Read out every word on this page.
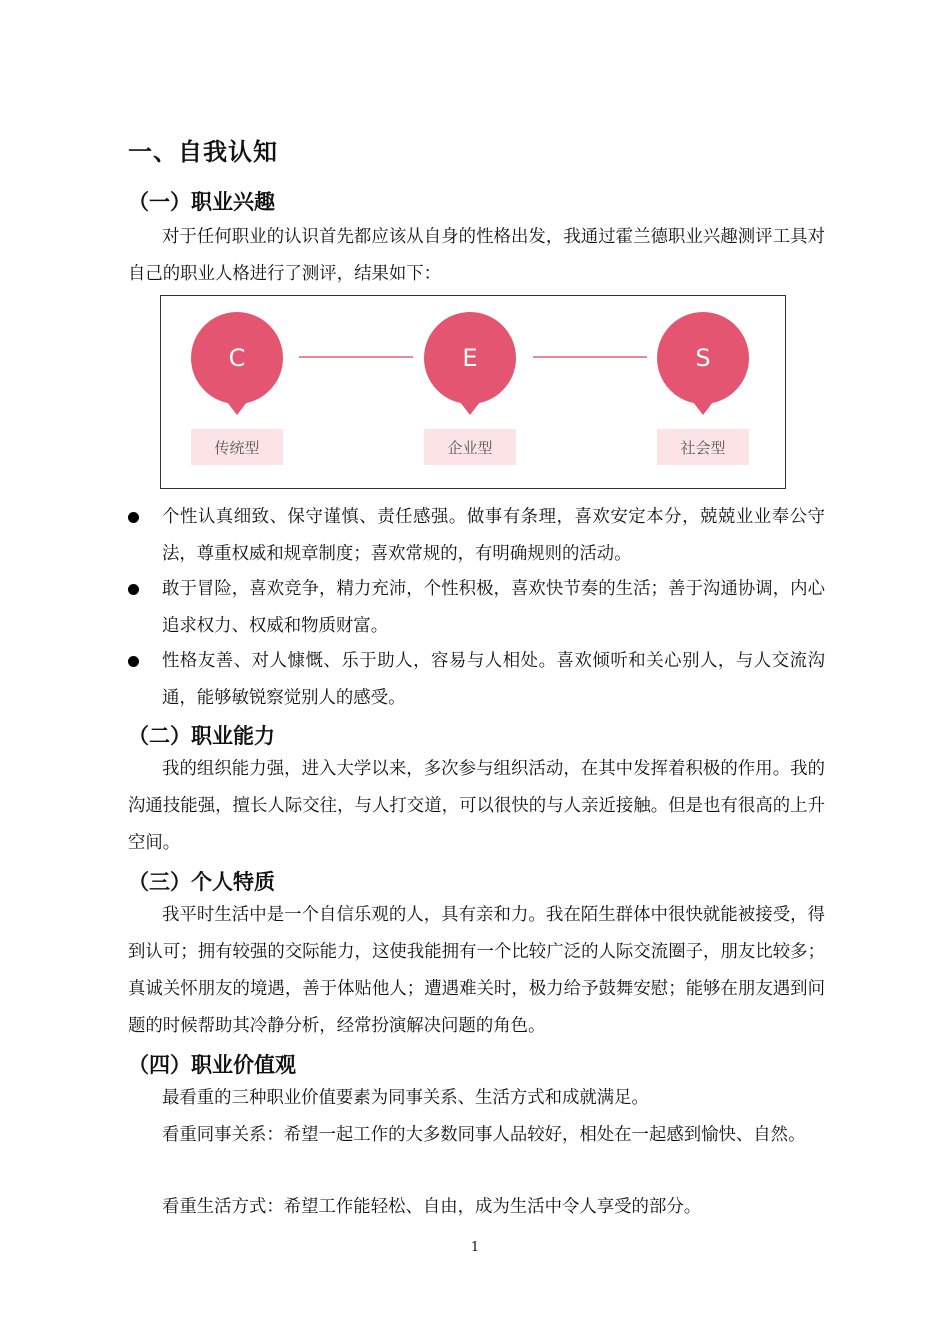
一、自我认知
（一）职业兴趣

对于任何职业的认识首先都应该从自身的性格出发，我通过霍兰德职业兴趣测评工具对自己的职业人格进行了测评，结果如下：

C
传统型
E
企业型
S
社会型
个性认真细致、保守谨慎、责任感强。做事有条理，喜欢安定本分，兢兢业业奉公守法，尊重权威和规章制度；喜欢常规的，有明确规则的活动。
敢于冒险，喜欢竞争，精力充沛，个性积极，喜欢快节奏的生活；善于沟通协调，内心追求权力、权威和物质财富。
性格友善、对人慷慨、乐于助人，容易与人相处。喜欢倾听和关心别人，与人交流沟通，能够敏锐察觉别人的感受。
（二）职业能力

我的组织能力强，进入大学以来，多次参与组织活动，在其中发挥着积极的作用。我的沟通技能强，擅长人际交往，与人打交道，可以很快的与人亲近接触。但是也有很高的上升空间。

（三）个人特质

我平时生活中是一个自信乐观的人，具有亲和力。我在陌生群体中很快就能被接受，得到认可；拥有较强的交际能力，这使我能拥有一个比较广泛的人际交流圈子，朋友比较多；真诚关怀朋友的境遇，善于体贴他人；遭遇难关时，极力给予鼓舞安慰；能够在朋友遇到问题的时候帮助其冷静分析，经常扮演解决问题的角色。

（四）职业价值观

最看重的三种职业价值要素为同事关系、生活方式和成就满足。

看重同事关系：希望一起工作的大多数同事人品较好，相处在一起感到愉快、自然。

看重生活方式：希望工作能轻松、自由，成为生活中令人享受的部分。

1
